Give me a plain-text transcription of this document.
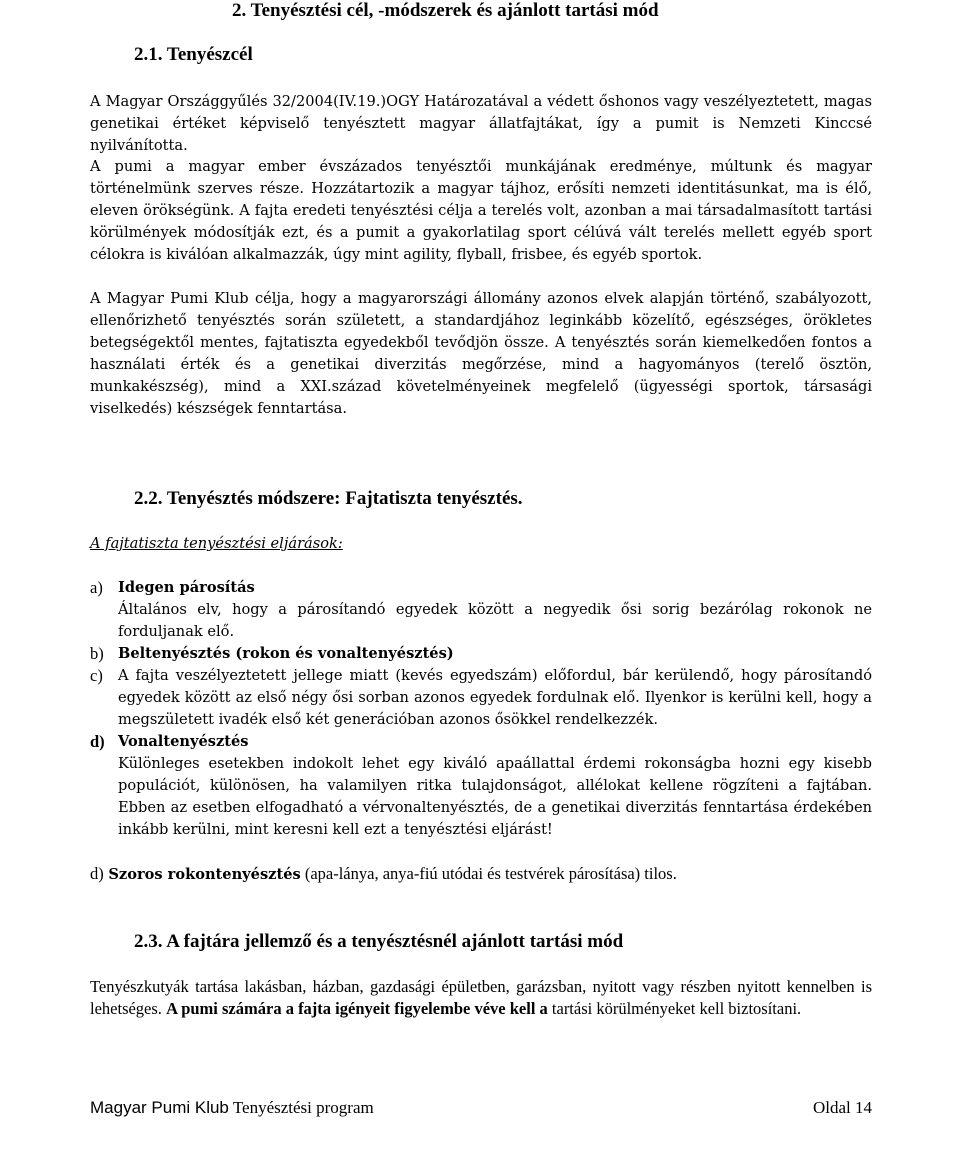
2. Tenyésztési cél, -módszerek és ajánlott tartási mód
2.1. Tenyészcél
A Magyar Országgyűlés 32/2004(IV.19.)OGY Határozatával a védett őshonos vagy veszélyeztetett, magas genetikai értéket képviselő tenyésztett magyar állatfajtákat, így a pumit is Nemzeti Kinccsé nyilvánította.
A pumi a magyar ember évszázados tenyésztői munkájának eredménye, múltunk és magyar történelmünk szerves része. Hozzátartozik a magyar tájhoz, erősíti nemzeti identitásunkat, ma is élő, eleven örökségünk. A fajta eredeti tenyésztési célja a terelés volt, azonban a mai társadalmasított tartási körülmények módosítják ezt, és a pumit a gyakorlatilag sport célúvá vált terelés mellett egyéb sport célokra is kiválóan alkalmazzák, úgy mint agility, flyball, frisbee, és egyéb sportok.
A Magyar Pumi Klub célja, hogy a magyarországi állomány azonos elvek alapján történő, szabályozott, ellenőrizhető tenyésztés során született, a standardjához leginkább közelítő, egészséges, örökletes betegségektől mentes, fajtatiszta egyedekből tevődjön össze. A tenyésztés során kiemelkedően fontos a használati érték és a genetikai diverzitás megőrzése, mind a hagyományos (terelő ösztön, munkakészség), mind a XXI.század követelményeinek megfelelő (ügyességi sportok, társasági viselkedés) készségek fenntartása.
2.2. Tenyésztés módszere: Fajtatiszta tenyésztés.
A fajtatiszta tenyésztési eljárások:
a) Idegen párosítás
Általános elv, hogy a párosítandó egyedek között a negyedik ősi sorig bezárólag rokonok ne forduljanak elő.
b) Beltenyésztés (rokon és vonaltenyésztés)
c) A fajta veszélyeztetett jellege miatt (kevés egyedszám) előfordul, bár kerülendő, hogy párosítandó egyedek között az első négy ősi sorban azonos egyedek fordulnak elő. Ilyenkor is kerülni kell, hogy a megszületett ivadék első két generációban azonos ősökkel rendelkezzék.
d) Vonaltenyésztés
Különleges esetekben indokolt lehet egy kiváló apaállattal érdemi rokonságba hozni egy kisebb populációt, különösen, ha valamilyen ritka tulajdonságot, allélokat kellene rögzíteni a fajtában. Ebben az esetben elfogadható a vérvonaltenyésztés, de a genetikai diverzitás fenntartása érdekében inkább kerülni, mint keresni kell ezt a tenyésztési eljárást!
d) Szoros rokontenyésztés (apa-lánya, anya-fiú utódai és testvérek párosítása) tilos.
2.3. A fajtára jellemző és a tenyésztésnél ajánlott tartási mód
Tenyészkutyák tartása lakásban, házban, gazdasági épületben, garázsban, nyitott vagy részben nyitott kennelben is lehetséges. A pumi számára a fajta igényeit figyelembe véve kell a tartási körülményeket kell biztosítani.
Magyar Pumi Klub Tenyésztési program	Oldal 14
